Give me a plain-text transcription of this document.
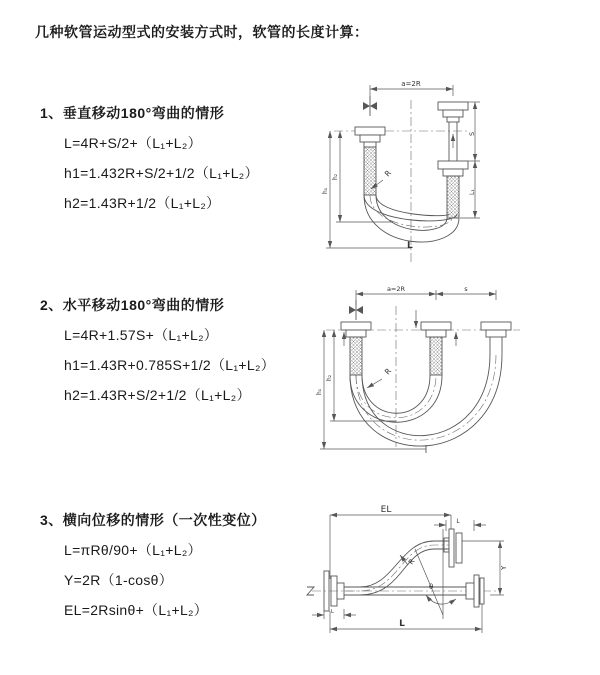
几种软管运动型式的安装方式时，软管的长度计算：
1、垂直移动180°弯曲的情形
L=4R+S/2+（L₁+L₂）
h1=1.432R+S/2+1/2（L₁+L₂）
h2=1.43R+1/2（L₁+L₂）
2、水平移动180°弯曲的情形
L=4R+1.57S+（L₁+L₂）
h1=1.43R+0.785S+1/2（L₁+L₂）
h2=1.43R+S/2+1/2（L₁+L₂）
3、横向位移的情形（一次性变位）
L=πRθ/90+（L₁+L₂）
Y=2R（1-cosθ）
EL=2Rsinθ+（L₁+L₂）
a=2R
h₁
h₂
S
L₁
R
L
a=2R	s
h₁
h₂
R
EL
L
Y
R
θ
L
L
